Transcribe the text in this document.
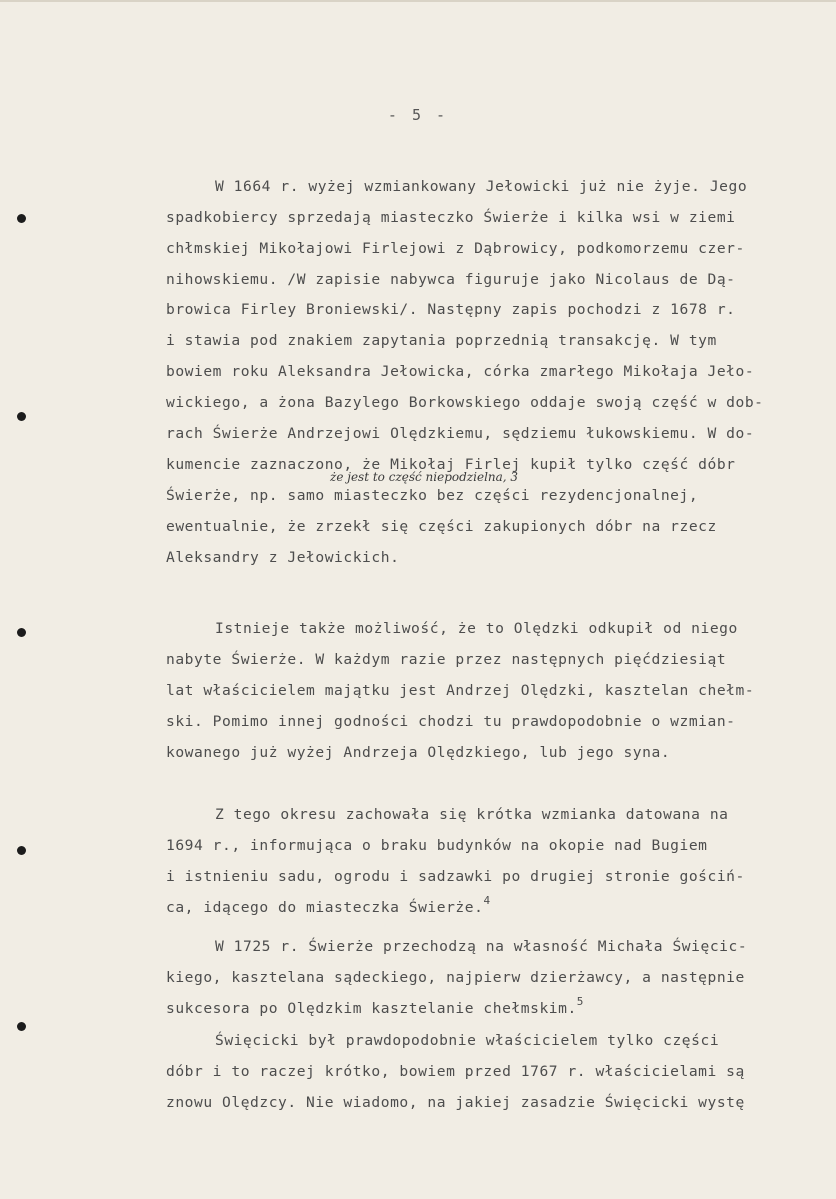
- 5 -
W 1664 r. wyżej wzmiankowany Jełowicki już nie żyje. Jego
spadkobiercy sprzedają miasteczko Świerże i kilka wsi w ziemi
chłmskiej Mikołajowi Firlejowi z Dąbrowicy, podkomorzemu czer-
nihowskiemu. /W zapisie nabywca figuruje jako Nicolaus de Dą-
browica Firley Broniewski/. Następny zapis pochodzi z 1678 r.
i stawia pod znakiem zapytania poprzednią transakcję. W tym
bowiem roku Aleksandra Jełowicka, córka zmarłego Mikołaja Jeło-
wickiego, a żona Bazylego Borkowskiego oddaje swoją część w dob-
rach Świerże Andrzejowi Olędzkiemu, sędziemu łukowskiemu. W do-
że jest to część niepodzielna, 3
kumencie zaznaczono, że Mikołaj Firlej kupił tylko część dóbr
Świerże, np. samo miasteczko bez części rezydencjonalnej,
ewentualnie, że zrzekł się części zakupionych dóbr na rzecz
Aleksandry z Jełowickich.
Istnieje także możliwość, że to Olędzki odkupił od niego
nabyte Świerże. W każdym razie przez następnych pięćdziesiąt
lat właścicielem majątku jest Andrzej Olędzki, kasztelan chełm-
ski. Pomimo innej godności chodzi tu prawdopodobnie o wzmian-
kowanego już wyżej Andrzeja Olędzkiego, lub jego syna.
Z tego okresu zachowała się krótka wzmianka datowana na
1694 r., informująca o braku budynków na okopie nad Bugiem
i istnieniu sadu, ogrodu i sadzawki po drugiej stronie gościń-
ca, idącego do miasteczka Świerże.$^4$
W 1725 r. Świerże przechodzą na własność Michała Święcic-
kiego, kasztelana sądeckiego, najpierw dzierżawcy, a następnie
sukcesora po Olędzkim kasztelanie chełmskim.$^5$
Święcicki był prawdopodobnie właścicielem tylko części
dóbr i to raczej krótko, bowiem przed 1767 r. właścicielami są
znowu Olędzcy. Nie wiadomo, na jakiej zasadzie Święcicki wystę
